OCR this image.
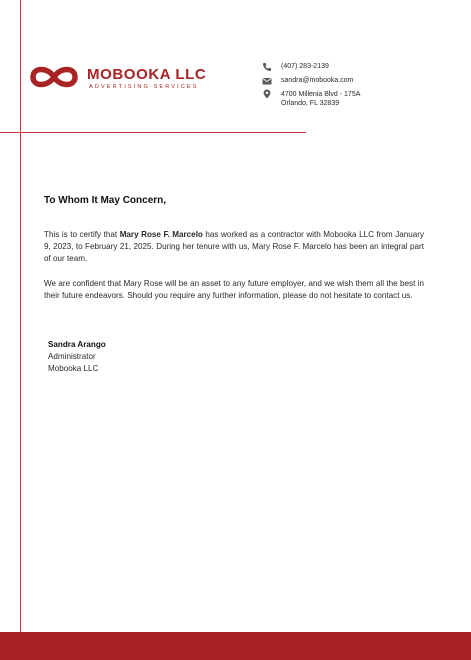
MOBOOKA LLC
ADVERTISING SERVICES
(407) 283-2139
sandra@mobooka.com
4700 Millenia Blvd - 175A
Orlando, FL 32839
To Whom It May Concern,

This is to certify that Mary Rose F. Marcelo has worked as a contractor with Mobooka LLC from January 9, 2023, to February 21, 2025. During her tenure with us, Mary Rose F. Marcelo has been an integral part of our team.

We are confident that Mary Rose will be an asset to any future employer, and we wish them all the best in their future endeavors. Should you require any further information, please do not hesitate to contact us.

Sandra Arango
Administrator
Mobooka LLC
